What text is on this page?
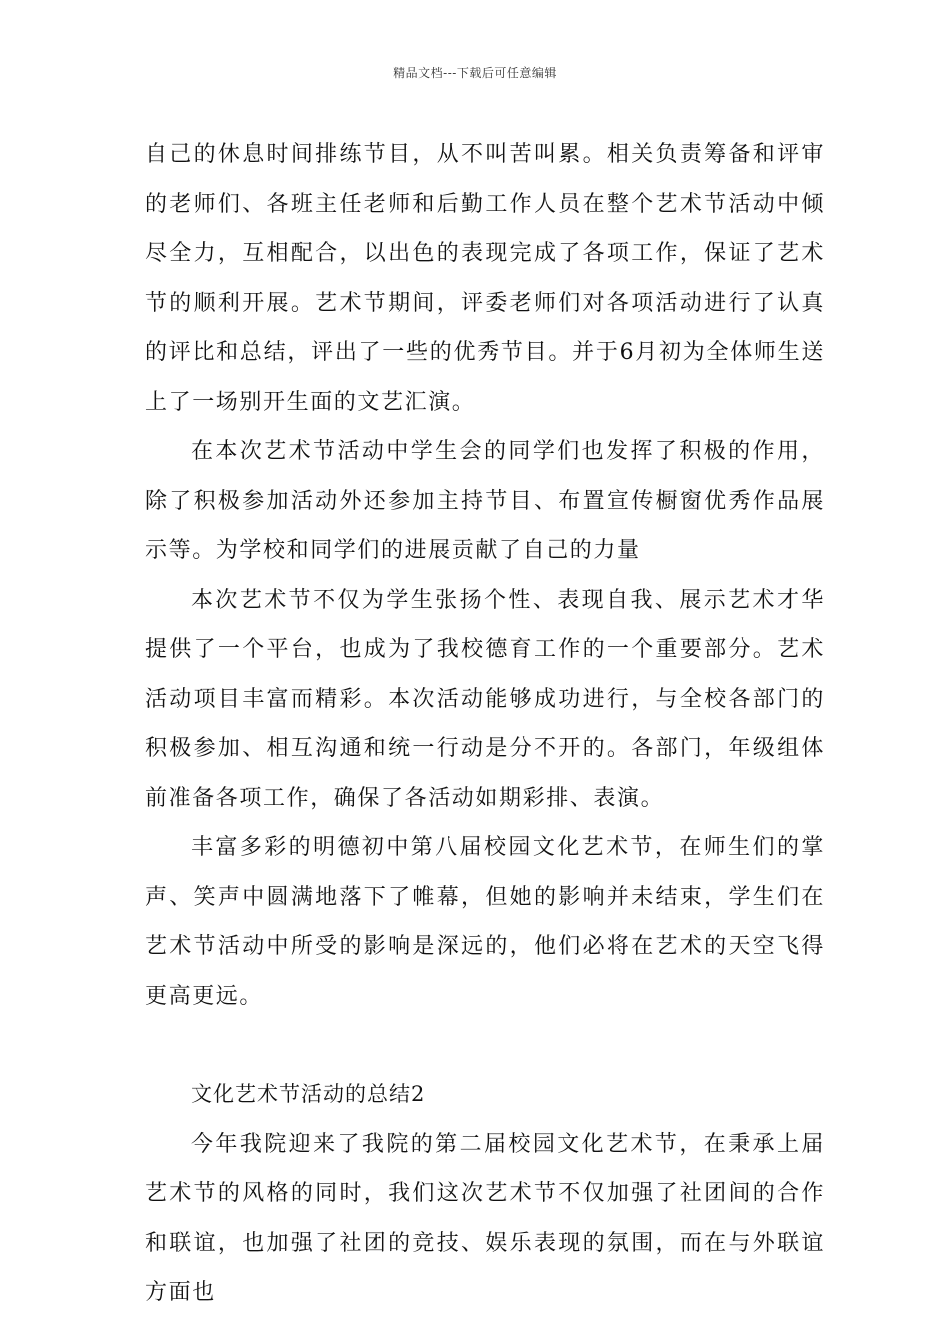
精品文档---下载后可任意编辑

自己的休息时间排练节目，从不叫苦叫累。相关负责筹备和评审的老师们、各班主任老师和后勤工作人员在整个艺术节活动中倾尽全力，互相配合，以出色的表现完成了各项工作，保证了艺术节的顺利开展。艺术节期间，评委老师们对各项活动进行了认真的评比和总结，评出了一些的优秀节目。并于6月初为全体师生送上了一场别开生面的文艺汇演。

在本次艺术节活动中学生会的同学们也发挥了积极的作用，除了积极参加活动外还参加主持节目、布置宣传橱窗优秀作品展示等。为学校和同学们的进展贡献了自己的力量

本次艺术节不仅为学生张扬个性、表现自我、展示艺术才华提供了一个平台，也成为了我校德育工作的一个重要部分。艺术活动项目丰富而精彩。本次活动能够成功进行，与全校各部门的积极参加、相互沟通和统一行动是分不开的。各部门，年级组体前准备各项工作，确保了各活动如期彩排、表演。

丰富多彩的明德初中第八届校园文化艺术节，在师生们的掌声、笑声中圆满地落下了帷幕，但她的影响并未结束，学生们在艺术节活动中所受的影响是深远的，他们必将在艺术的天空飞得更高更远。

文化艺术节活动的总结2

今年我院迎来了我院的第二届校园文化艺术节，在秉承上届艺术节的风格的同时，我们这次艺术节不仅加强了社团间的合作和联谊，也加强了社团的竞技、娱乐表现的氛围，而在与外联谊方面也
